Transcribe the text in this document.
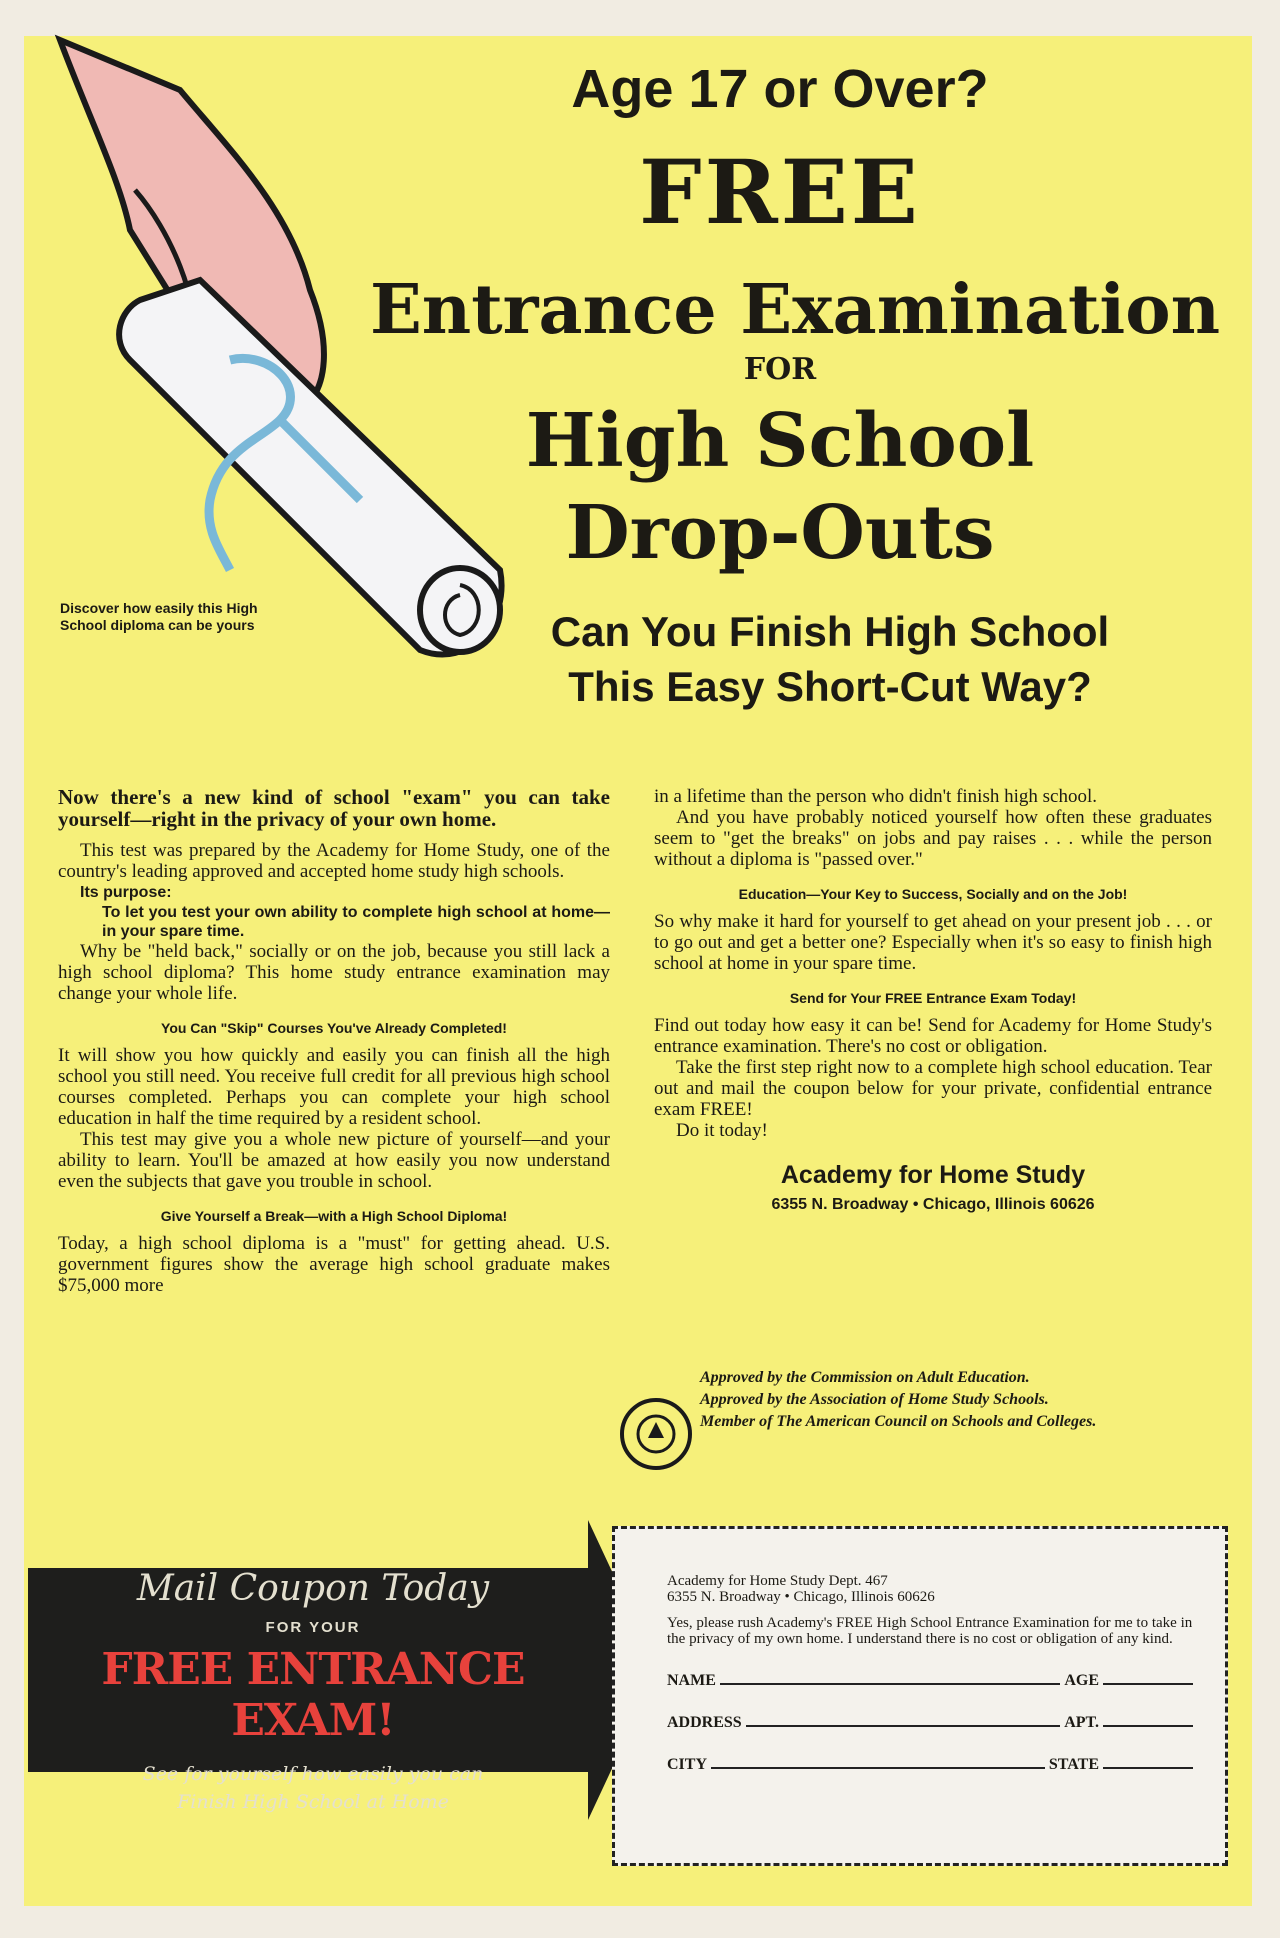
Discover how easily this High School diploma can be yours
Age 17 or Over?
FREE
Entrance Examination
FOR
High School
Drop-Outs
Can You Finish High School
This Easy Short-Cut Way?

Now there's a new kind of school "exam" you can take yourself—right in the privacy of your own home.

This test was prepared by the Academy for Home Study, one of the country's leading approved and accepted home study high schools.

Its purpose:
To let you test your own ability to complete high school at home—in your spare time.

Why be "held back," socially or on the job, because you still lack a high school diploma? This home study entrance examination may change your whole life.

You Can "Skip" Courses You've Already Completed!

It will show you how quickly and easily you can finish all the high school you still need. You receive full credit for all previous high school courses completed. Perhaps you can complete your high school education in half the time required by a resident school.

This test may give you a whole new picture of yourself—and your ability to learn. You'll be amazed at how easily you now understand even the subjects that gave you trouble in school.

Give Yourself a Break—with a High School Diploma!

Today, a high school diploma is a "must" for getting ahead. U.S. government figures show the average high school graduate makes $75,000 more

in a lifetime than the person who didn't finish high school.

And you have probably noticed yourself how often these graduates seem to "get the breaks" on jobs and pay raises . . . while the person without a diploma is "passed over."

Education—Your Key to Success, Socially and on the Job!

So why make it hard for yourself to get ahead on your present job . . . or to go out and get a better one? Especially when it's so easy to finish high school at home in your spare time.

Send for Your FREE Entrance Exam Today!

Find out today how easy it can be! Send for Academy for Home Study's entrance examination. There's no cost or obligation.

Take the first step right now to a complete high school education. Tear out and mail the coupon below for your private, confidential entrance exam FREE!

Do it today!

Academy for Home Study
6355 N. Broadway • Chicago, Illinois 60626
Approved by the Commission on Adult Education.
Approved by the Association of Home Study Schools.
Member of The American Council on Schools and Colleges.
Mail Coupon Today
FOR YOUR
FREE ENTRANCE EXAM!
See for yourself how easily you can
Finish High School at Home
Academy for Home Study Dept. 467
6355 N. Broadway • Chicago, Illinois 60626
Yes, please rush Academy's FREE High School Entrance Examination for me to take in the privacy of my own home. I understand there is no cost or obligation of any kind.
NAME	AGE
ADDRESS	APT.
CITY	STATE
